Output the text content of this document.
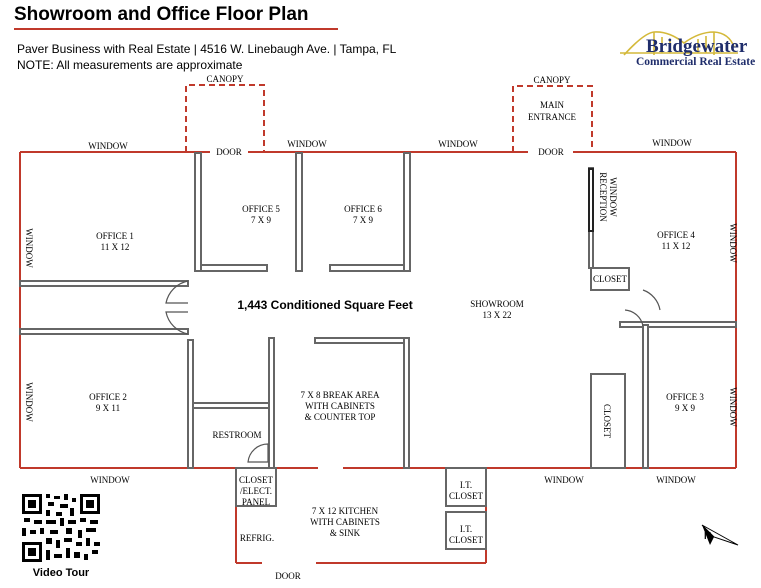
Showroom and Office Floor Plan
Paver Business with Real Estate | 4516 W. Linebaugh Ave. | Tampa, FL
NOTE: All measurements are approximate
Bridgewater
Commercial Real Estate
CANOPY	CANOPY
MAIN
ENTRANCE
DOOR	DOOR
WINDOW	WINDOW	WINDOW	WINDOW
WINDOW	WINDOW	WINDOW
DOOR
OFFICE 1
11 X 12
OFFICE 2
9 X 11
OFFICE 3
9 X 9
OFFICE 4
11 X 12
OFFICE 5
7 X 9
OFFICE 6
7 X 9
SHOWROOM
13 X 22
7 X 8 BREAK AREA
WITH CABINETS
& COUNTER TOP
RESTROOM
CLOSET
/ELECT.
PANEL
7 X 12 KITCHEN
WITH CABINETS
& SINK
REFRIG.
I.T.
CLOSET
I.T.
CLOSET
CLOSET
WINDOW
WINDOW
WINDOW
WINDOW
RECEPTION WINDOW
CLOSET
1,443 Conditioned Square Feet
Video Tour
N
